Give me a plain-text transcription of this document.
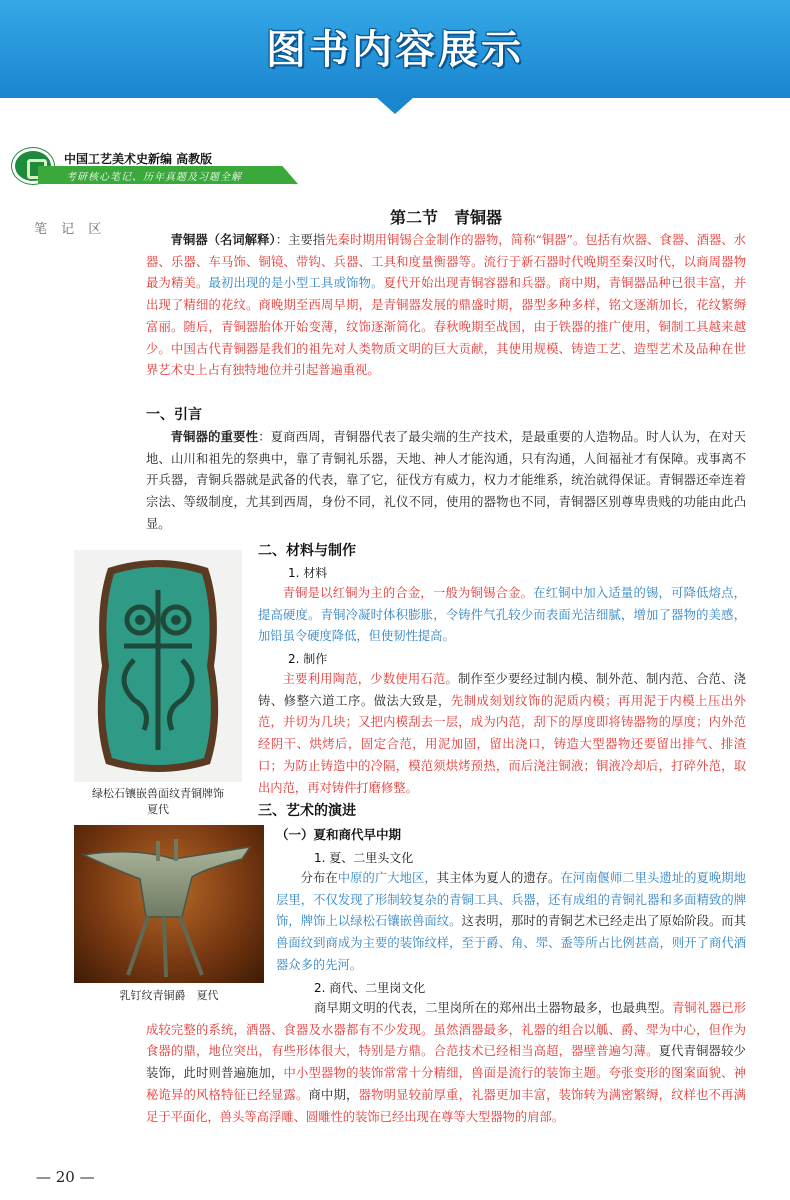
图书内容展示
中国工艺美术史新编 高教版
考研核心笔记、历年真题及习题全解
笔 记 区
第二节　青铜器
青铜器（名词解释）：主要指先秦时期用铜锡合金制作的器物，简称“铜器”。包括有炊器、食器、酒器、水器、乐器、车马饰、铜镜、带钩、兵器、工具和度量衡器等。流行于新石器时代晚期至秦汉时代，以商周器物最为精美。最初出现的是小型工具或饰物。夏代开始出现青铜容器和兵器。商中期，青铜器品种已很丰富，并出现了精细的花纹。商晚期至西周早期，是青铜器发展的鼎盛时期，器型多种多样，铭文逐渐加长，花纹繁缛富丽。随后，青铜器胎体开始变薄，纹饰逐渐简化。春秋晚期至战国，由于铁器的推广使用，铜制工具越来越少。中国古代青铜器是我们的祖先对人类物质文明的巨大贡献，其使用规模、铸造工艺、造型艺术及品种在世界艺术史上占有独特地位并引起普遍重视。
一、引言
青铜器的重要性：夏商西周，青铜器代表了最尖端的生产技术，是最重要的人造物品。时人认为，在对天地、山川和祖先的祭典中，靠了青铜礼乐器，天地、神人才能沟通，只有沟通，人间福祉才有保障。戎事离不开兵器，青铜兵器就是武备的代表，靠了它，征伐方有威力，权力才能维系，统治就得保证。青铜器还牵连着宗法、等级制度，尤其到西周，身份不同，礼仪不同，使用的器物也不同，青铜器区别尊卑贵贱的功能由此凸显。
绿松石镶嵌兽面纹青铜牌饰
夏代
二、材料与制作
1. 材料
青铜是以红铜为主的合金，一般为铜锡合金。在红铜中加入适量的锡，可降低熔点，提高硬度。青铜冷凝时体积膨胀，令铸件气孔较少而表面光洁细腻，增加了器物的美感，加铅虽令硬度降低，但使韧性提高。
2. 制作
主要利用陶范，少数使用石范。制作至少要经过制内模、制外范、制内范、合范、浇铸、修整六道工序。做法大致是，先制成刻划纹饰的泥质内模；再用泥于内模上压出外范，并切为几块；又把内模刮去一层，成为内范，刮下的厚度即将铸器物的厚度；内外范经阴干、烘烤后，固定合范，用泥加固，留出浇口，铸造大型器物还要留出排气、排渣口；为防止铸造中的冷隔，模范须烘烤预热，而后浇注铜液；铜液冷却后，打碎外范，取出内范，再对铸件打磨修整。
乳钉纹青铜爵　夏代
三、艺术的演进
（一）夏和商代早中期
1. 夏、二里头文化
分布在中原的广大地区，其主体为夏人的遗存。在河南偃师二里头遗址的夏晚期地层里，不仅发现了形制较复杂的青铜工具、兵器，还有成组的青铜礼器和多面精致的牌饰，牌饰上以绿松石镶嵌兽面纹。这表明，那时的青铜艺术已经走出了原始阶段。而其兽面纹到商成为主要的装饰纹样，至于爵、角、斝、盉等所占比例甚高，则开了商代酒器众多的先河。
2. 商代、二里岗文化
商早期文明的代表，二里岗所在的郑州出土器物最多，也最典型。青铜礼器已形成较完整的系统，酒器、食器及水器都有不少发现。虽然酒器最多，礼器的组合以觚、爵、斝为中心，但作为食器的鼎，地位突出，有些形体很大，特别是方鼎。合范技术已经相当高超，器壁普遍匀薄。夏代青铜器较少装饰，此时则普遍施加，中小型器物的装饰常常十分精细，兽面是流行的装饰主题。夸张变形的图案面貌、神秘诡异的风格特征已经显露。商中期，器物明显较前厚重，礼器更加丰富，装饰转为满密繁缛，纹样也不再满足于平面化，兽头等高浮雕、圆雕性的装饰已经出现在尊等大型器物的肩部。
— 20 —
